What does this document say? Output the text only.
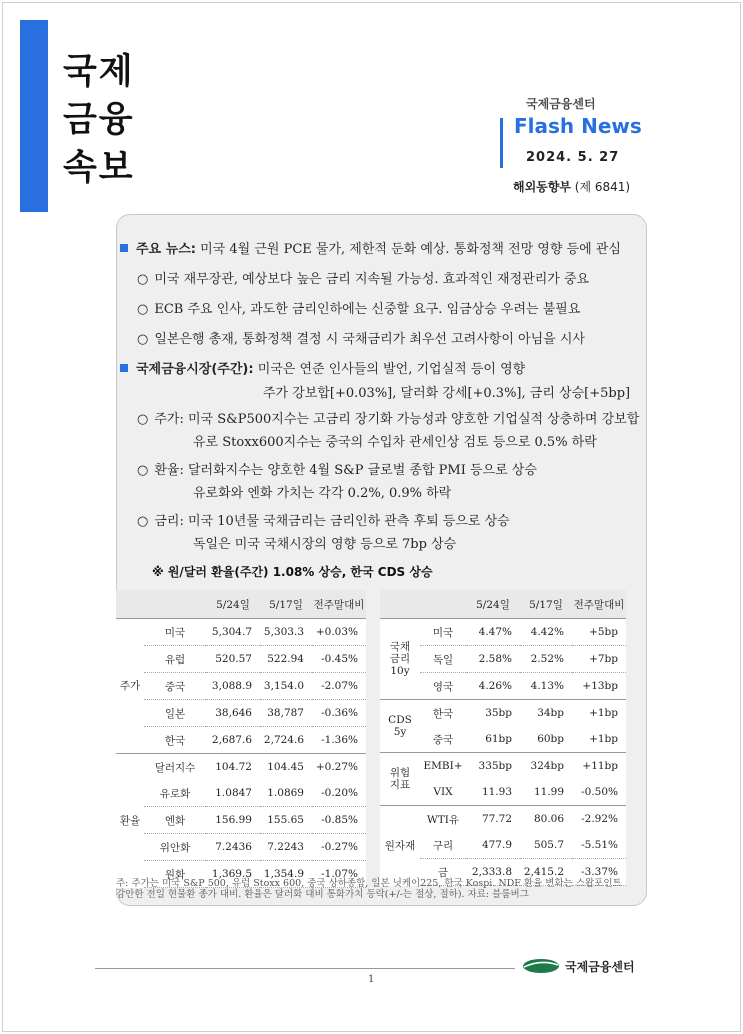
국제
금융
속보
국제금융센터
Flash News
2024. 5. 27
해외동향부 (제 6841)
주요 뉴스: 미국 4월 근원 PCE 물가, 제한적 둔화 예상. 통화정책 전망 영향 등에 관심
○ 미국 재무장관, 예상보다 높은 금리 지속될 가능성. 효과적인 재정관리가 중요
○ ECB 주요 인사, 과도한 금리인하에는 신중할 요구. 임금상승 우려는 불필요
○ 일본은행 총재, 통화정책 결정 시 국채금리가 최우선 고려사항이 아님을 시사
국제금융시장(주간): 미국은 연준 인사들의 발언, 기업실적 등이 영향
주가 강보합[+0.03%], 달러화 강세[+0.3%], 금리 상승[+5bp]
○ 주가: 미국 S&P500지수는 고금리 장기화 가능성과 양호한 기업실적 상충하며 강보합
유로 Stoxx600지수는 중국의 수입차 관세인상 검토 등으로 0.5% 하락
○ 환율: 달러화지수는 양호한 4월 S&P 글로벌 종합 PMI 등으로 상승
유로화와 엔화 가치는 각각 0.2%, 0.9% 하락
○ 금리: 미국 10년물 국채금리는 금리인하 관측 후퇴 등으로 상승
독일은 미국 국채시장의 영향 등으로 7bp 상승
※ 원/달러 환율(주간) 1.08% 상승, 한국 CDS 상승
		5/24일	5/17일	전주말대비
주가	미국	5,304.7	5,303.3	+0.03%
	유럽	520.57	522.94	-0.45%
	중국	3,088.9	3,154.0	-2.07%
	일본	38,646	38,787	-0.36%
	한국	2,687.6	2,724.6	-1.36%
환율	달러지수	104.72	104.45	+0.27%
	유로화	1.0847	1.0869	-0.20%
	엔화	156.99	155.65	-0.85%
	위안화	7.2436	7.2243	-0.27%
	원화	1,369.5	1,354.9	-1.07%
		5/24일	5/17일	전주말대비
국채
금리
10y	미국	4.47%	4.42%	+5bp
	독일	2.58%	2.52%	+7bp
	영국	4.26%	4.13%	+13bp
CDS
5y	한국	35bp	34bp	+1bp
	중국	61bp	60bp	+1bp
위험
지표	EMBI+	335bp	324bp	+11bp
	VIX	11.93	11.99	-0.50%
원자재	WTI유	77.72	80.06	-2.92%
	구리	477.9	505.7	-5.51%
	금	2,333.8	2,415.2	-3.37%
주: 주가는 미국 S&P 500, 유럽 Stoxx 600, 중국 상하종합, 일본 닛케이225, 한국 Kospi. NDF 환율 변화는 스왑포인트 감안한 전일 현물환 종가 대비. 환율은 달러화 대비 통화가치 등락(+/-는 절상, 절하). 자료: 블룸버그
국제금융센터
1
